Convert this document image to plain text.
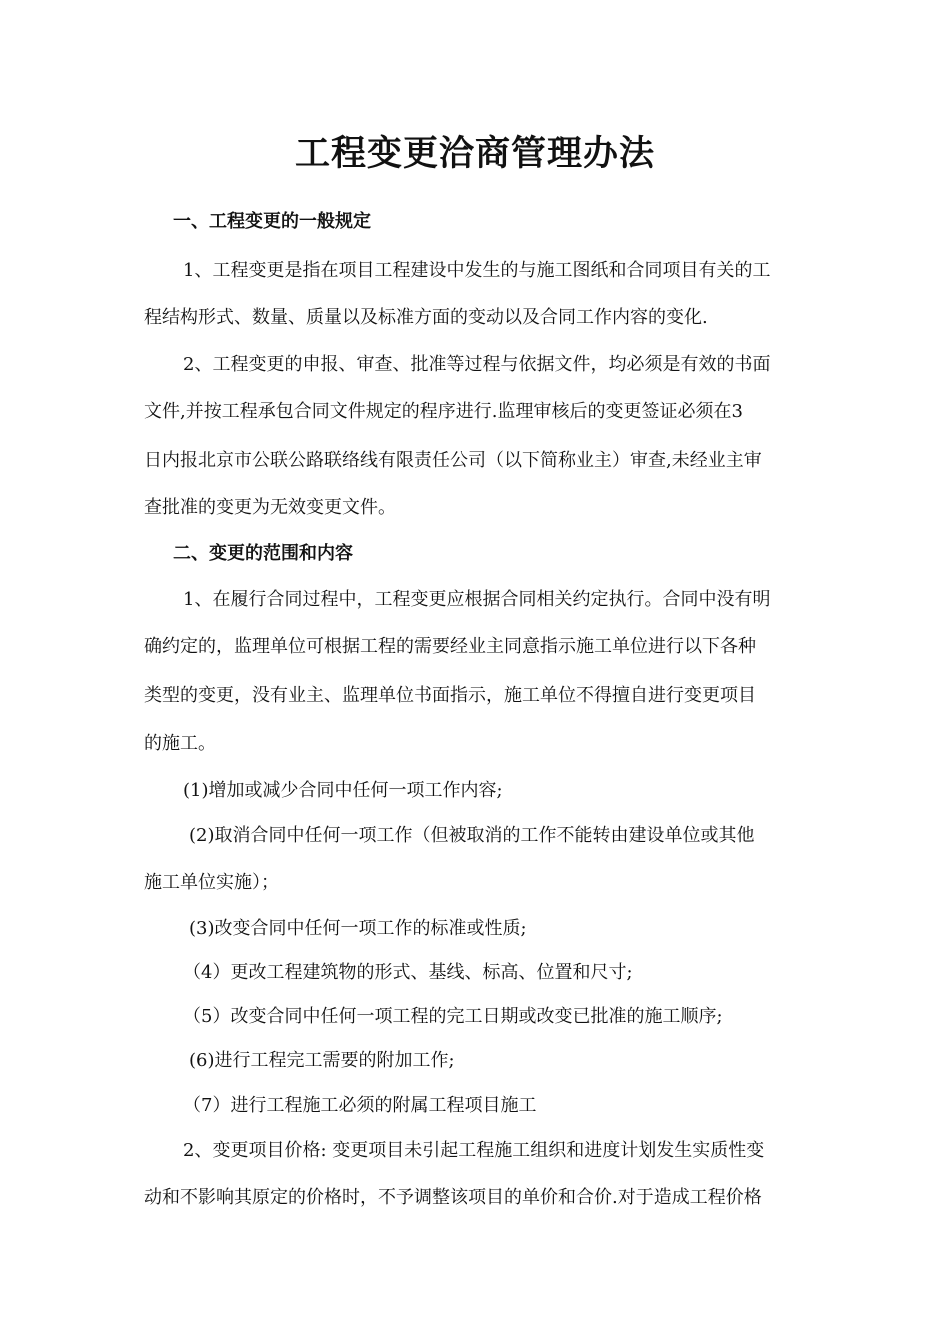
工程变更洽商管理办法
一、工程变更的一般规定
1、工程变更是指在项目工程建设中发生的与施工图纸和合同项目有关的工
程结构形式、数量、质量以及标准方面的变动以及合同工作内容的变化.
2、工程变更的申报、审查、批准等过程与依据文件，均必须是有效的书面
文件,并按工程承包合同文件规定的程序进行.监理审核后的变更签证必须在3
日内报北京市公联公路联络线有限责任公司（以下简称业主）审查,未经业主审
查批准的变更为无效变更文件。
二、变更的范围和内容
1、在履行合同过程中，工程变更应根据合同相关约定执行。合同中没有明
确约定的，监理单位可根据工程的需要经业主同意指示施工单位进行以下各种
类型的变更，没有业主、监理单位书面指示，施工单位不得擅自进行变更项目
的施工。
(1)增加或减少合同中任何一项工作内容;
(2)取消合同中任何一项工作（但被取消的工作不能转由建设单位或其他
施工单位实施）；
(3)改变合同中任何一项工作的标准或性质;
（4）更改工程建筑物的形式、基线、标高、位置和尺寸;
（5）改变合同中任何一项工程的完工日期或改变已批准的施工顺序;
(6)进行工程完工需要的附加工作;
（7）进行工程施工必须的附属工程项目施工
2、变更项目价格: 变更项目未引起工程施工组织和进度计划发生实质性变
动和不影响其原定的价格时，不予调整该项目的单价和合价.对于造成工程价格
